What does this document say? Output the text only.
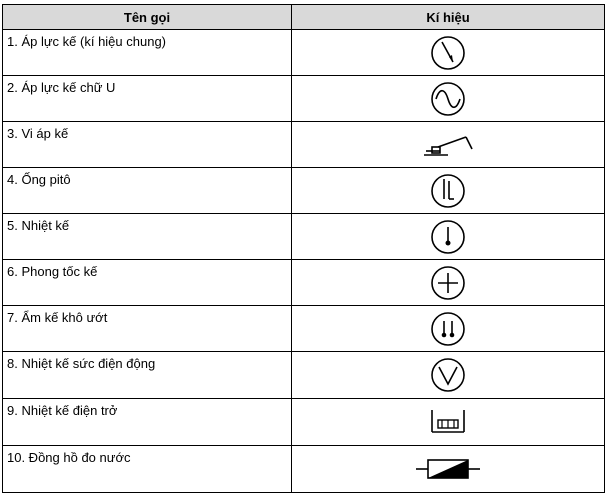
Tên gọi	Kí hiệu
1. Áp lực kế (kí hiệu chung)	

2. Áp lực kế chữ U	

3. Vi áp kế	

4. Ống pitô	

5. Nhiệt kế	

6. Phong tốc kế	

7. Ẩm kế khô ướt	

8. Nhiệt kế sức điện động	

9. Nhiệt kế điện trở	

10. Đồng hồ đo nước	
